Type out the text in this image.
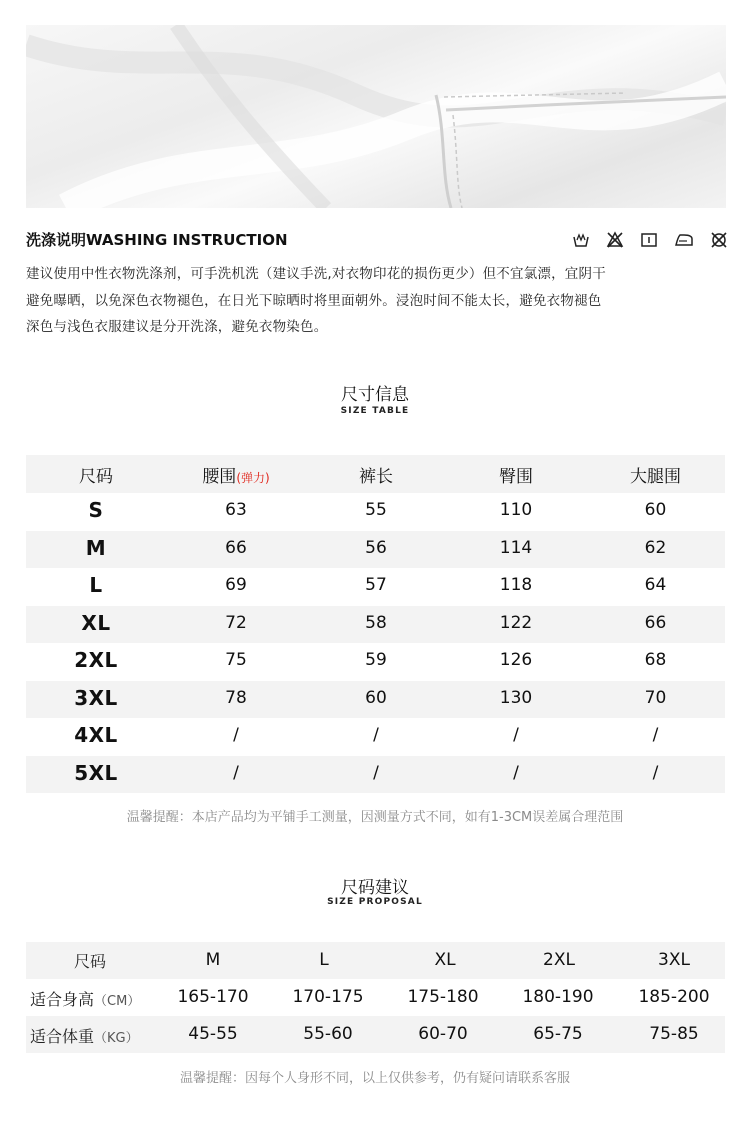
洗涤说明WASHING INSTRUCTION
建议使用中性衣物洗涤剂，可手洗机洗（建议手洗,对衣物印花的损伤更少）但不宜氯漂，宜阴干
避免曝晒，以免深色衣物褪色，在日光下晾晒时将里面朝外。浸泡时间不能太长，避免衣物褪色
深色与浅色衣服建议是分开洗涤，避免衣物染色。
尺寸信息
SIZE TABLE
尺码	腰围(弹力)	裤长	臀围	大腿围
S	63	55	110	60
M	66	56	114	62
L	69	57	118	64
XL	72	58	122	66
2XL	75	59	126	68
3XL	78	60	130	70
4XL	/	/	/	/
5XL	/	/	/	/
温馨提醒：本店产品均为平铺手工测量，因测量方式不同，如有1-3CM误差属合理范围
尺码建议
SIZE PROPOSAL
尺码	M	L	XL	2XL	3XL
适合身高（CM）	165-170	170-175	175-180	180-190	185-200
适合体重（KG）	45-55	55-60	60-70	65-75	75-85
温馨提醒：因每个人身形不同，以上仅供参考，仍有疑问请联系客服
